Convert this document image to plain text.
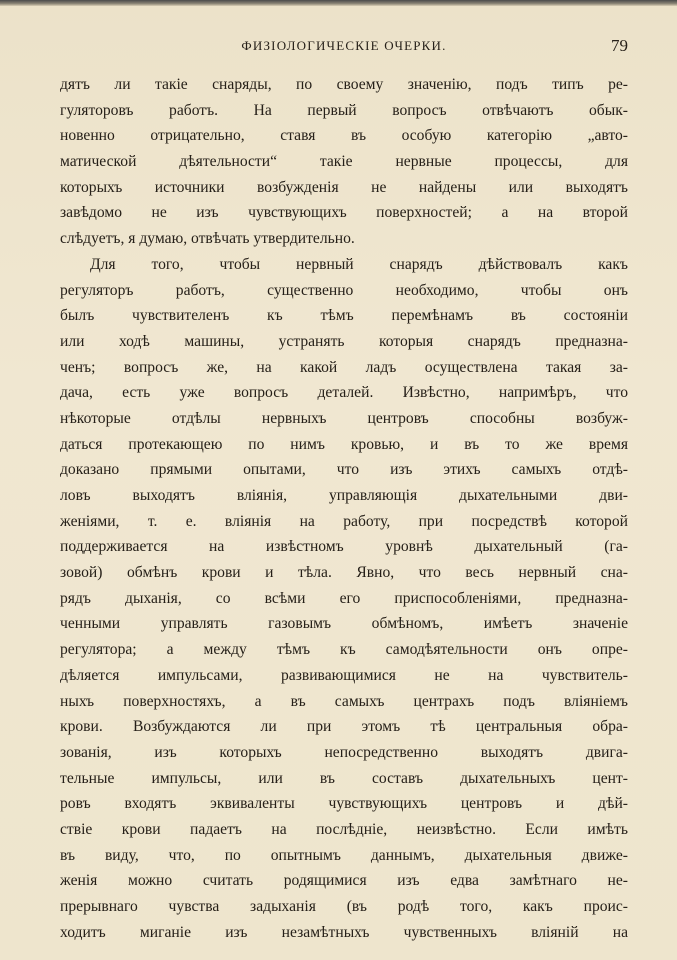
ФИЗІОЛОГИЧЕСКІЕ ОЧЕРКИ.	79
дятъ ли такіе снаряды, по своему значенію, подъ типъ ре-
гуляторовъ работъ. На первый вопросъ отвѣчаютъ обык-
новенно отрицательно, ставя въ особую категорію „авто-
матической дѣятельности“ такіе нервные процессы, для
которыхъ источники возбужденія не найдены или выходятъ
завѣдомо не изъ чувствующихъ поверхностей; а на второй
слѣдуетъ, я думаю, отвѣчать утвердительно.
Для того, чтобы нервный снарядъ дѣйствовалъ какъ
регуляторъ работъ, существенно необходимо, чтобы онъ
былъ чувствителенъ къ тѣмъ перемѣнамъ въ состояніи
или ходѣ машины, устранять которыя снарядъ предназна-
ченъ; вопросъ же, на какой ладъ осуществлена такая за-
дача, есть уже вопросъ деталей. Извѣстно, напримѣръ, что
нѣкоторые отдѣлы нервныхъ центровъ способны возбуж-
даться протекающею по нимъ кровью, и въ то же время
доказано прямыми опытами, что изъ этихъ самыхъ отдѣ-
ловъ выходятъ вліянія, управляющія дыхательными дви-
женіями, т. е. вліянія на работу, при посредствѣ которой
поддерживается на извѣстномъ уровнѣ дыхательный (га-
зовой) обмѣнъ крови и тѣла. Явно, что весь нервный сна-
рядъ дыханія, со всѣми его приспособленіями, предназна-
ченными управлять газовымъ обмѣномъ, имѣетъ значеніе
регулятора; а между тѣмъ къ самодѣятельности онъ опре-
дѣляется импульсами, развивающимися не на чувствитель-
ныхъ поверхностяхъ, а въ самыхъ центрахъ подъ вліяніемъ
крови. Возбуждаются ли при этомъ тѣ центральныя обра-
зованія, изъ которыхъ непосредственно выходятъ двига-
тельные импульсы, или въ составъ дыхательныхъ цент-
ровъ входятъ эквиваленты чувствующихъ центровъ и дѣй-
ствіе крови падаетъ на послѣдніе, неизвѣстно. Если имѣть
въ виду, что, по опытнымъ даннымъ, дыхательныя движе-
женія можно считать родящимися изъ едва замѣтнаго не-
прерывнаго чувства задыханія (въ родѣ того, какъ проис-
ходитъ миганіе изъ незамѣтныхъ чувственныхъ вліяній на
